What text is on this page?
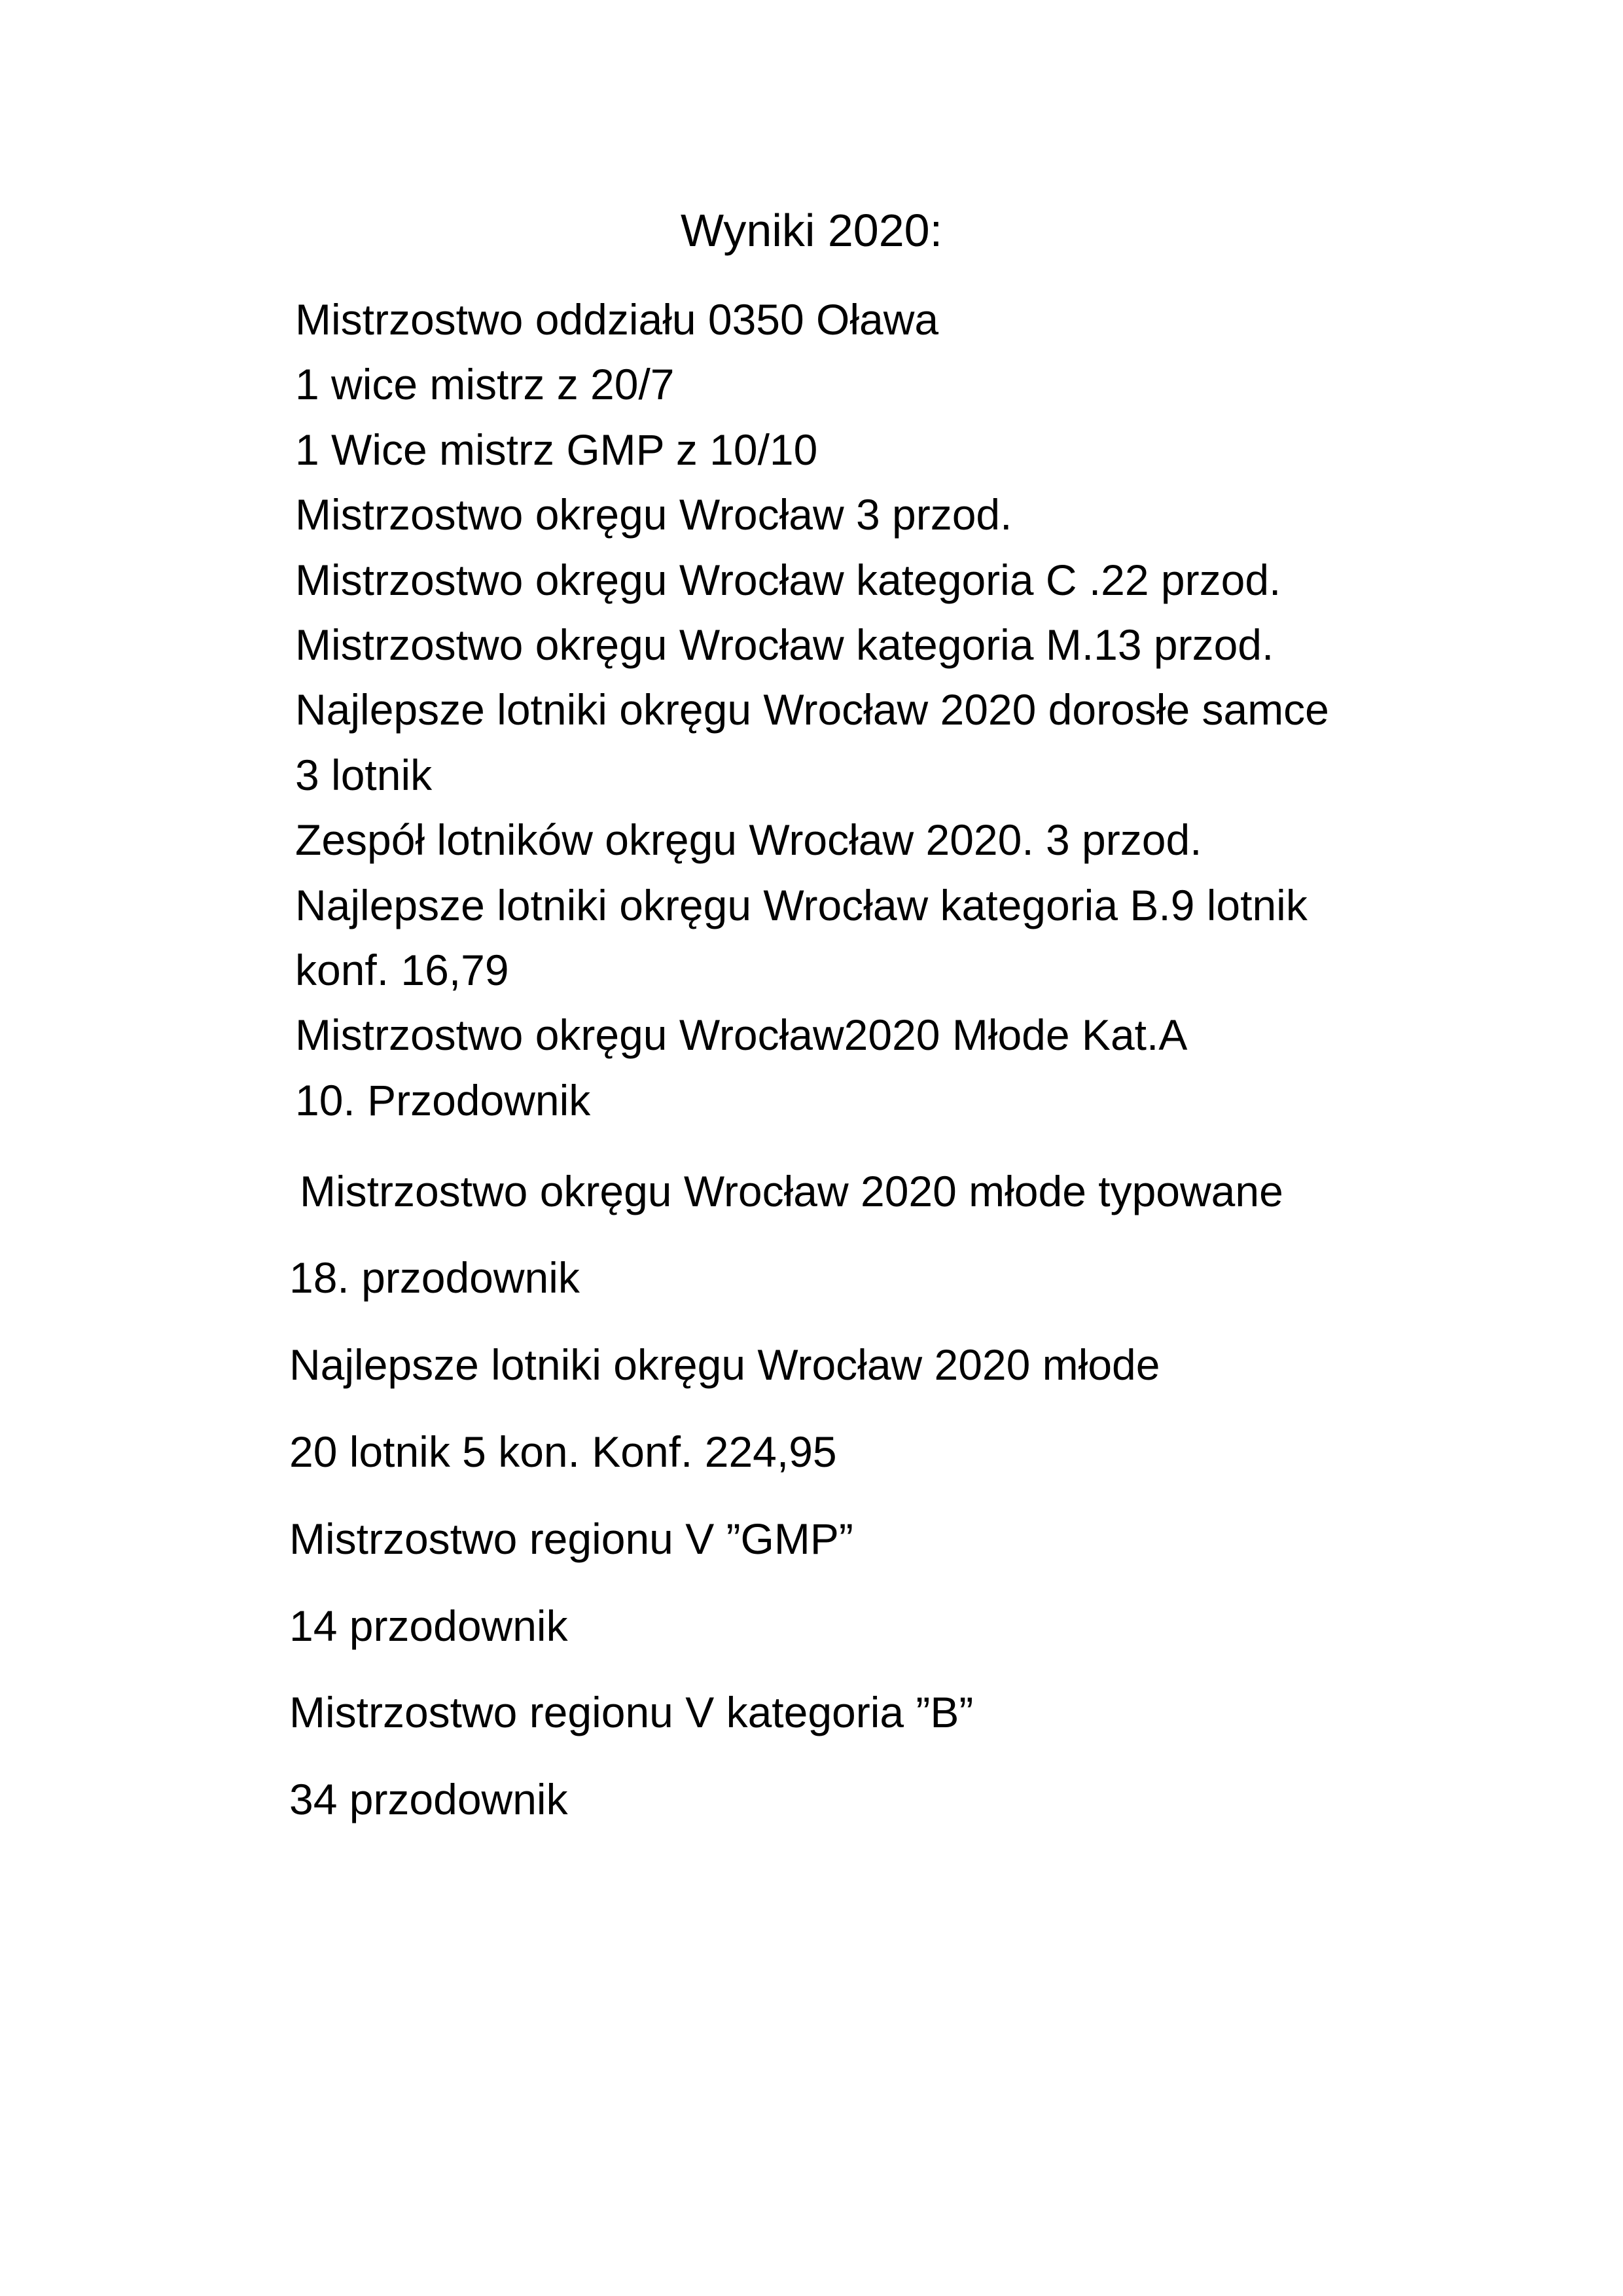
Wyniki 2020:
Mistrzostwo oddziału 0350 Oława
1 wice mistrz z 20/7
1 Wice mistrz GMP z 10/10
Mistrzostwo okręgu Wrocław 3 przod.
Mistrzostwo okręgu Wrocław kategoria C .22 przod.
Mistrzostwo okręgu Wrocław kategoria M.13 przod.
Najlepsze lotniki okręgu Wrocław 2020 dorosłe samce
3 lotnik
Zespół lotników okręgu Wrocław 2020. 3 przod.
Najlepsze lotniki okręgu Wrocław kategoria B.9 lotnik
konf. 16,79
Mistrzostwo okręgu Wrocław2020 Młode Kat.A
10. Przodownik
Mistrzostwo okręgu Wrocław 2020 młode typowane
18. przodownik
Najlepsze lotniki okręgu Wrocław 2020 młode
20 lotnik 5 kon. Konf. 224,95
Mistrzostwo regionu V ”GMP”
14 przodownik
Mistrzostwo regionu V kategoria ”B”
34 przodownik
